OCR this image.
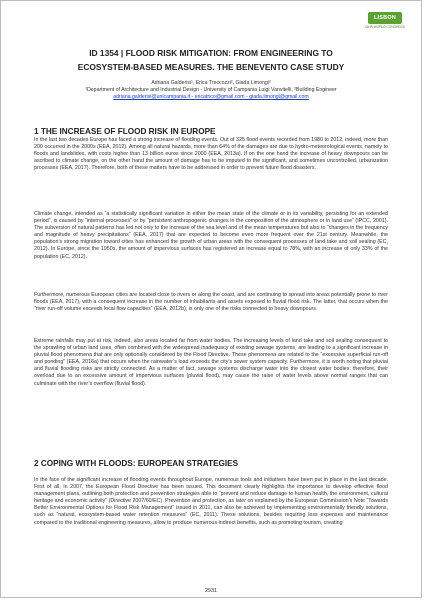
LISBON
IAHR WORLD CONGRESS
ID 1354 | FLOOD RISK MITIGATION: FROM ENGINEERING TO
ECOSYSTEM-BASED MEASURES. THE BENEVENTO CASE STUDY
Adriana Galderisi¹, Erica Treccozzi², Giada Limongi²
¹Department of Architecture and Industrial Design - University of Campania Luigi Vanvitelli, ²Building Engineer
adriana.galderisi@unicampania.it - ericatrico@gmail.com - giada.limongi@gmail.com
1 THE INCREASE OF FLOOD RISK IN EUROPE

In the last two decades Europe has faced a strong increase of flooding events. Out of 325 flood events recorded from 1980 to 2012, indeed, more than 200 occurred in the 2000s (EEA, 2012). Among all natural hazards, more than 64% of the damages are due to hydro-meteorological events, namely to floods and landslides, with costs higher than 13 billion euros since 2000 (EEA, 2013a). If on the one hand the increase of heavy downpours can be ascribed to climate change, on the other hand the amount of damage has to be imputed to the significant, and sometimes uncontrolled, urbanization processes (EEA, 2017). Therefore, both of these matters have to be addressed in order to prevent future flood disasters.

Climate change, intended as “a statistically significant variation in either the mean state of the climate or in its variability, persisting for an extended period”, is caused by “internal processes” or by “persistent anthropogenic changes in the composition of the atmosphere or in land use” (IPCC, 2001). The subversion of natural patterns has led not only to the increase of the sea level and of the mean temperatures but also to “changes in the frequency and magnitude of heavy precipitations” (EEA, 2017) that are expected to become even more frequent over the 21st century. Meanwhile, the population’s strong migration toward cities has enhanced the growth of urban areas with the consequent processes of land take and soil sealing (EC, 2012). In Europe, since the 1950s, the amount of impervious surfaces has registered an increase equal to 78%, with an increase of only 33% of the population (EC, 2012).

Furthermore, numerous European cities are located close to rivers or along the coast, and are continuing to spread into areas potentially prone to river floods (EEA, 2017), with a consequent increase in the number of inhabitants and assets exposed to fluvial flood risk. The latter, that occurs when the “river run-off volume exceeds local flow capacities” (EEA, 2012b), is only one of the risks connected to heavy downpours.

Extreme rainfalls may put at risk, indeed, also areas located far from water bodies. The increasing levels of land take and soil sealing consequent to the sprawling of urban land uses, often combined with the widespread inadequacy of existing sewage systems, are leading to a significant increase in pluvial flood phenomena that are only optionally considered by the Flood Directive. These phenomena are related to the “excessive superficial run-off and ponding” (EEA, 2016a) that occurs when the rainwater’s load exceeds the city’s sewer system capacity. Furthermore, it is worth noting that pluvial and fluvial flooding risks are strictly connected. As a matter of fact, sewage systems discharge water into the closest water bodies: therefore, their overload due to an excessive amount of impervious surfaces (pluvial flood), may cause the raise of water levels above normal ranges that can culminate with the river’s overflow (fluvial flood).

2 COPING WITH FLOODS: EUROPEAN STRATEGIES

In the face of the significant increase of flooding events throughout Europe, numerous tools and initiatives have been put in place in the last decade. First of all, in 2007, the European Flood Directive has been issued. This document clearly highlights the importance to develop effective flood management plans, outlining both protection and prevention strategies able to “prevent and reduce damage to human health, the environment, cultural heritage and economic activity” (Directive 2007/60/EC). Prevention and protection, as later on explained by the European Commission’s Note “Towards Better Environmental Options for Flood Risk Management” issued in 2011, can also be achieved by implementing environmentally friendly solutions, such as “natural, ecosystem-based water retention measures” (EC, 2011). These solutions, besides requiring less expenses and maintenance compared to the traditional engineering measures, allow to produce numerous indirect benefits, such as promoting tourism, creating

2931
